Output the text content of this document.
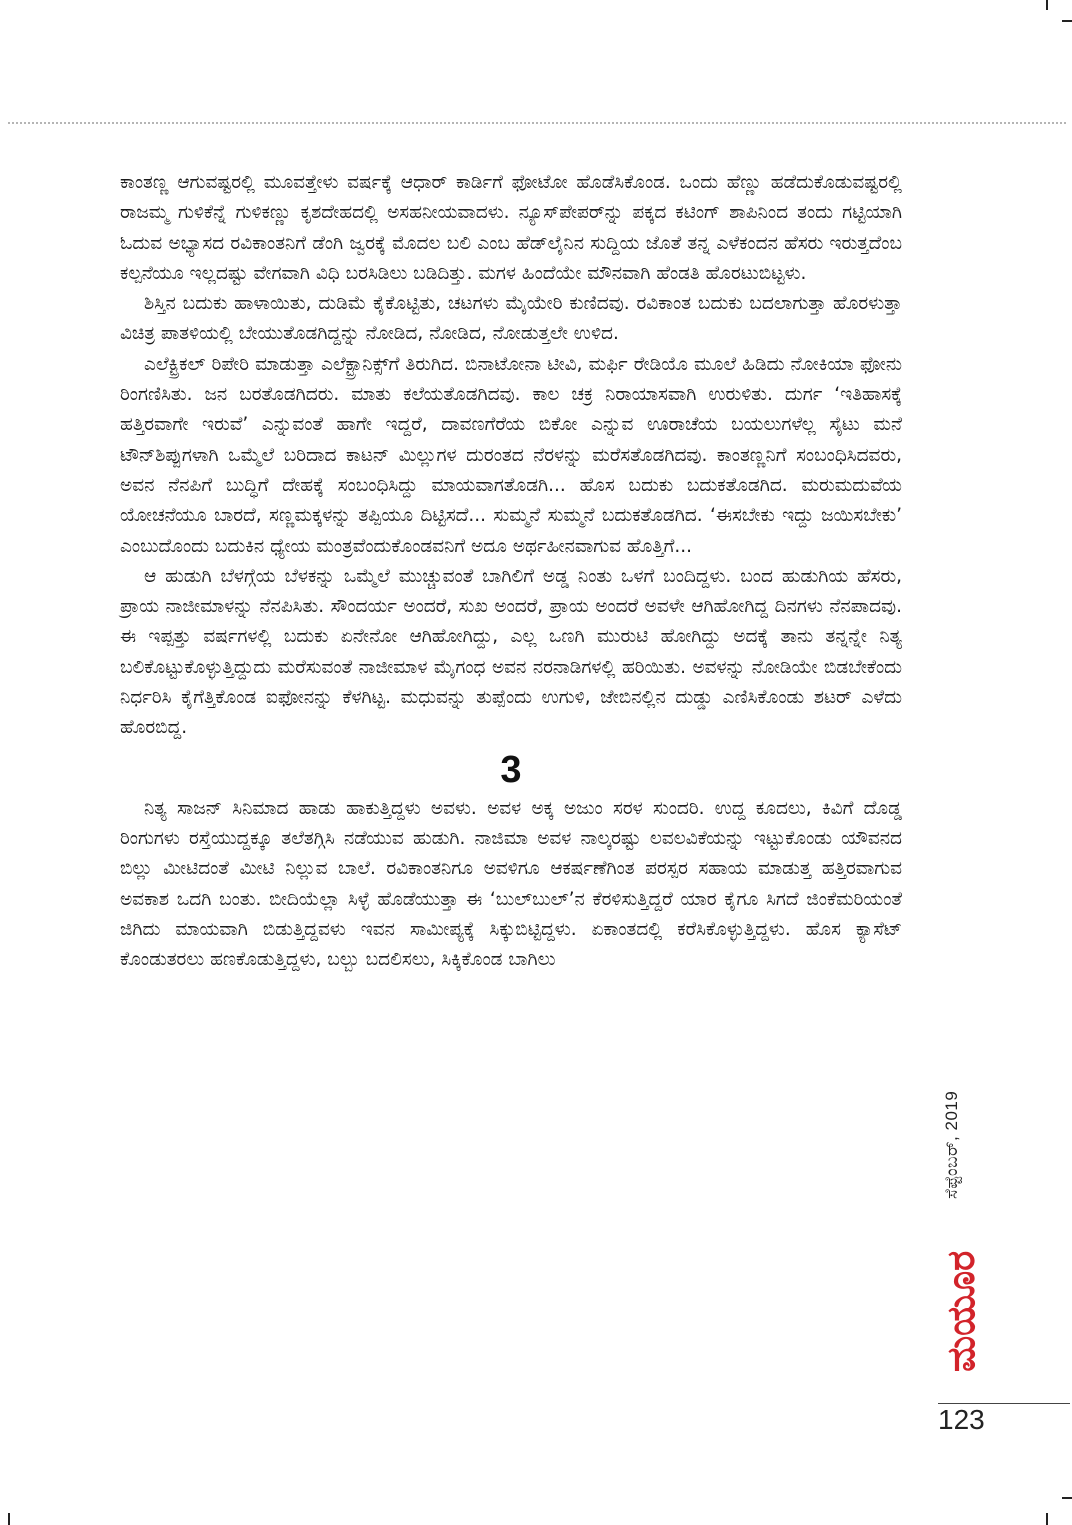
ಕಾಂತಣ್ಣ ಆಗುವಷ್ಟರಲ್ಲಿ ಮೂವತ್ತೇಳು ವರ್ಷಕ್ಕೆ ಆಧಾರ್ ಕಾರ್ಡಿಗೆ ಫೋಟೋ ಹೊಡೆಸಿಕೊಂಡ. ಒಂದು ಹೆಣ್ಣು ಹಡೆದುಕೊಡುವಷ್ಟರಲ್ಲಿ ರಾಜಮ್ಮ ಗುಳಿಕೆನ್ನೆ ಗುಳಿಕಣ್ಣು ಕೃಶದೇಹದಲ್ಲಿ ಅಸಹನೀಯವಾದಳು. ನ್ಯೂಸ್‌ಪೇಪರ್‌ನ್ನು ಪಕ್ಕದ ಕಟಿಂಗ್ ಶಾಪಿನಿಂದ ತಂದು ಗಟ್ಟಿಯಾಗಿ ಓದುವ ಅಭ್ಯಾಸದ ರವಿಕಾಂತನಿಗೆ ಡೆಂಗಿ ಜ್ವರಕ್ಕೆ ಮೊದಲ ಬಲಿ ಎಂಬ ಹೆಡ್‌ಲೈನಿನ ಸುದ್ದಿಯ ಜೊತೆ ತನ್ನ ಎಳೆಕಂದನ ಹೆಸರು ಇರುತ್ತದೆಂಬ ಕಲ್ಪನೆಯೂ ಇಲ್ಲದಷ್ಟು ವೇಗವಾಗಿ ವಿಧಿ ಬರಸಿಡಿಲು ಬಡಿದಿತ್ತು. ಮಗಳ ಹಿಂದೆಯೇ ಮೌನವಾಗಿ ಹೆಂಡತಿ ಹೊರಟುಬಿಟ್ಟಳು.

ಶಿಸ್ತಿನ ಬದುಕು ಹಾಳಾಯಿತು, ದುಡಿಮೆ ಕೈಕೊಟ್ಟಿತು, ಚಟಗಳು ಮೈಯೇರಿ ಕುಣಿದವು. ರವಿಕಾಂತ ಬದುಕು ಬದಲಾಗುತ್ತಾ ಹೊರಳುತ್ತಾ ವಿಚಿತ್ರ ಪಾತಳಿಯಲ್ಲಿ ಬೇಯುತೊಡಗಿದ್ದನ್ನು ನೋಡಿದ, ನೋಡಿದ, ನೋಡುತ್ತಲೇ ಉಳಿದ.

ಎಲೆಕ್ಟ್ರಿಕಲ್ ರಿಪೇರಿ ಮಾಡುತ್ತಾ ಎಲೆಕ್ಟ್ರಾನಿಕ್ಸ್‌ಗೆ ತಿರುಗಿದ. ಬಿನಾಟೋನಾ ಟೀವಿ, ಮರ್ಫಿ ರೇಡಿಯೊ ಮೂಲೆ ಹಿಡಿದು ನೋಕಿಯಾ ಫೋನು ರಿಂಗಣಿಸಿತು. ಜನ ಬರತೊಡಗಿದರು. ಮಾತು ಕಲೆಯತೊಡಗಿದವು. ಕಾಲ ಚಕ್ರ ನಿರಾಯಾಸವಾಗಿ ಉರುಳಿತು. ದುರ್ಗ ‘ಇತಿಹಾಸಕ್ಕೆ ಹತ್ತಿರವಾಗೇ ಇರುವೆ’ ಎನ್ನುವಂತೆ ಹಾಗೇ ಇದ್ದರೆ, ದಾವಣಗೆರೆಯ ಬಿಕೋ ಎನ್ನುವ ಊರಾಚೆಯ ಬಯಲುಗಳೆಲ್ಲ ಸೈಟು ಮನೆ ಟೌನ್‌ಶಿಪ್ಪುಗಳಾಗಿ ಒಮ್ಮೆಲೆ ಬರಿದಾದ ಕಾಟನ್ ಮಿಲ್ಲುಗಳ ದುರಂತದ ನೆರಳನ್ನು ಮರೆಸತೊಡಗಿದವು. ಕಾಂತಣ್ಣನಿಗೆ ಸಂಬಂಧಿಸಿದವರು, ಅವನ ನೆನಪಿಗೆ ಬುದ್ಧಿಗೆ ದೇಹಕ್ಕೆ ಸಂಬಂಧಿಸಿದ್ದು ಮಾಯವಾಗತೊಡಗಿ... ಹೊಸ ಬದುಕು ಬದುಕತೊಡಗಿದ. ಮರುಮದುವೆಯ ಯೋಚನೆಯೂ ಬಾರದೆ, ಸಣ್ಣಮಕ್ಕಳನ್ನು ತಪ್ಪಿಯೂ ದಿಟ್ಟಿಸದೆ... ಸುಮ್ಮನೆ ಸುಮ್ಮನೆ ಬದುಕತೊಡಗಿದ. ‘ಈಸಬೇಕು ಇದ್ದು ಜಯಿಸಬೇಕು’ ಎಂಬುದೊಂದು ಬದುಕಿನ ಧ್ಯೇಯ ಮಂತ್ರವೆಂದುಕೊಂಡವನಿಗೆ ಅದೂ ಅರ್ಥಹೀನವಾಗುವ ಹೊತ್ತಿಗೆ...

ಆ ಹುಡುಗಿ ಬೆಳಗ್ಗೆಯ ಬೆಳಕನ್ನು ಒಮ್ಮೆಲೆ ಮುಚ್ಚುವಂತೆ ಬಾಗಿಲಿಗೆ ಅಡ್ಡ ನಿಂತು ಒಳಗೆ ಬಂದಿದ್ದಳು. ಬಂದ ಹುಡುಗಿಯ ಹೆಸರು, ಪ್ರಾಯ ನಾಜೀಮಾಳನ್ನು ನೆನಪಿಸಿತು. ಸೌಂದರ್ಯ ಅಂದರೆ, ಸುಖ ಅಂದರೆ, ಪ್ರಾಯ ಅಂದರೆ ಅವಳೇ ಆಗಿಹೋಗಿದ್ದ ದಿನಗಳು ನೆನಪಾದವು. ಈ ಇಪ್ಪತ್ತು ವರ್ಷಗಳಲ್ಲಿ ಬದುಕು ಏನೇನೋ ಆಗಿಹೋಗಿದ್ದು, ಎಲ್ಲ ಒಣಗಿ ಮುರುಟಿ ಹೋಗಿದ್ದು ಅದಕ್ಕೆ ತಾನು ತನ್ನನ್ನೇ ನಿತ್ಯ ಬಲಿಕೊಟ್ಟುಕೊಳ್ಳುತ್ತಿದ್ದುದು ಮರೆಸುವಂತೆ ನಾಜೀಮಾಳ ಮೈಗಂಧ ಅವನ ನರನಾಡಿಗಳಲ್ಲಿ ಹರಿಯಿತು. ಅವಳನ್ನು ನೋಡಿಯೇ ಬಿಡಬೇಕೆಂದು ನಿರ್ಧರಿಸಿ ಕೈಗೆತ್ತಿಕೊಂಡ ಐಫೋನನ್ನು ಕೆಳಗಿಟ್ಟ. ಮಧುವನ್ನು ತುಪ್ಪೆಂದು ಉಗುಳಿ, ಜೇಬಿನಲ್ಲಿನ ದುಡ್ಡು ಎಣಿಸಿಕೊಂಡು ಶಟರ್ ಎಳೆದು ಹೊರಬಿದ್ದ.

3

ನಿತ್ಯ ಸಾಜನ್ ಸಿನಿಮಾದ ಹಾಡು ಹಾಕುತ್ತಿದ್ದಳು ಅವಳು. ಅವಳ ಅಕ್ಕ ಅಜುಂ ಸರಳ ಸುಂದರಿ. ಉದ್ದ ಕೂದಲು, ಕಿವಿಗೆ ದೊಡ್ಡ ರಿಂಗುಗಳು ರಸ್ತೆಯುದ್ದಕ್ಕೂ ತಲೆತಗ್ಗಿಸಿ ನಡೆಯುವ ಹುಡುಗಿ. ನಾಜಿಮಾ ಅವಳ ನಾಲ್ಕರಷ್ಟು ಲವಲವಿಕೆಯನ್ನು ಇಟ್ಟುಕೊಂಡು ಯೌವನದ ಬಿಲ್ಲು ಮೀಟಿದಂತೆ ಮೀಟಿ ನಿಲ್ಲುವ ಬಾಲೆ. ರವಿಕಾಂತನಿಗೂ ಅವಳಿಗೂ ಆಕರ್ಷಣೆಗಿಂತ ಪರಸ್ಪರ ಸಹಾಯ ಮಾಡುತ್ತ ಹತ್ತಿರವಾಗುವ ಅವಕಾಶ ಒದಗಿ ಬಂತು. ಬೀದಿಯೆಲ್ಲಾ ಸಿಳ್ಳೆ ಹೊಡೆಯುತ್ತಾ ಈ ‘ಬುಲ್‌ಬುಲ್’ನ ಕೆರಳಿಸುತ್ತಿದ್ದರೆ ಯಾರ ಕೈಗೂ ಸಿಗದೆ ಜಿಂಕೆಮರಿಯಂತೆ ಜಿಗಿದು ಮಾಯವಾಗಿ ಬಿಡುತ್ತಿದ್ದವಳು ಇವನ ಸಾಮೀಪ್ಯಕ್ಕೆ ಸಿಕ್ಕುಬಿಟ್ಟಿದ್ದಳು. ಏಕಾಂತದಲ್ಲಿ ಕರೆಸಿಕೊಳ್ಳುತ್ತಿದ್ದಳು. ಹೊಸ ಕ್ಯಾಸೆಟ್ ಕೊಂಡುತರಲು ಹಣಕೊಡುತ್ತಿದ್ದಳು, ಬಲ್ಬು ಬದಲಿಸಲು, ಸಿಕ್ಕಿಕೊಂಡ ಬಾಗಿಲು

ಸೆಪ್ಟೆಂಬರ್, 2019
ಮಯೂರ
123
